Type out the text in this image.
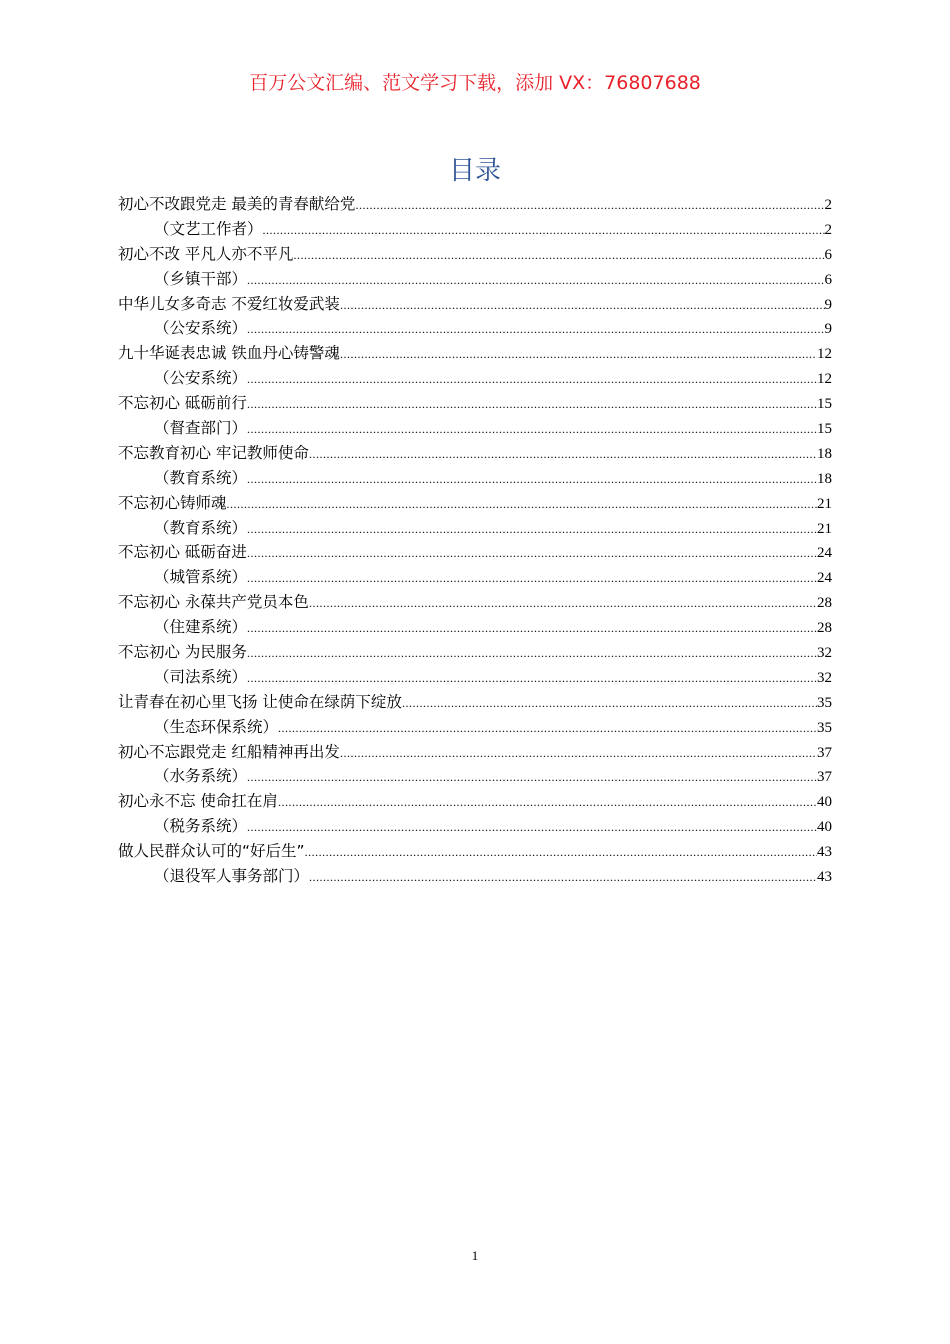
百万公文汇编、范文学习下载，添加 VX：76807688
目录
初心不改跟党走 最美的青春献给党 .....	2
（文艺工作者） .....	2
初心不改 平凡人亦不平凡 .....	6
（乡镇干部） .....	6
中华儿女多奇志 不爱红妆爱武装 .....	9
（公安系统） .....	9
九十华诞表忠诚 铁血丹心铸警魂 .....	12
（公安系统） .....	12
不忘初心 砥砺前行 .....	15
（督查部门） .....	15
不忘教育初心 牢记教师使命 .....	18
（教育系统） .....	18
不忘初心铸师魂 .....	21
（教育系统） .....	21
不忘初心 砥砺奋进 .....	24
（城管系统） .....	24
不忘初心 永葆共产党员本色 .....	28
（住建系统） .....	28
不忘初心 为民服务 .....	32
（司法系统） .....	32
让青春在初心里飞扬 让使命在绿荫下绽放 .....	35
（生态环保系统） .....	35
初心不忘跟党走 红船精神再出发 .....	37
（水务系统） .....	37
初心永不忘 使命扛在肩 .....	40
（税务系统） .....	40
做人民群众认可的“好后生” .....	43
（退役军人事务部门） .....	43
1
